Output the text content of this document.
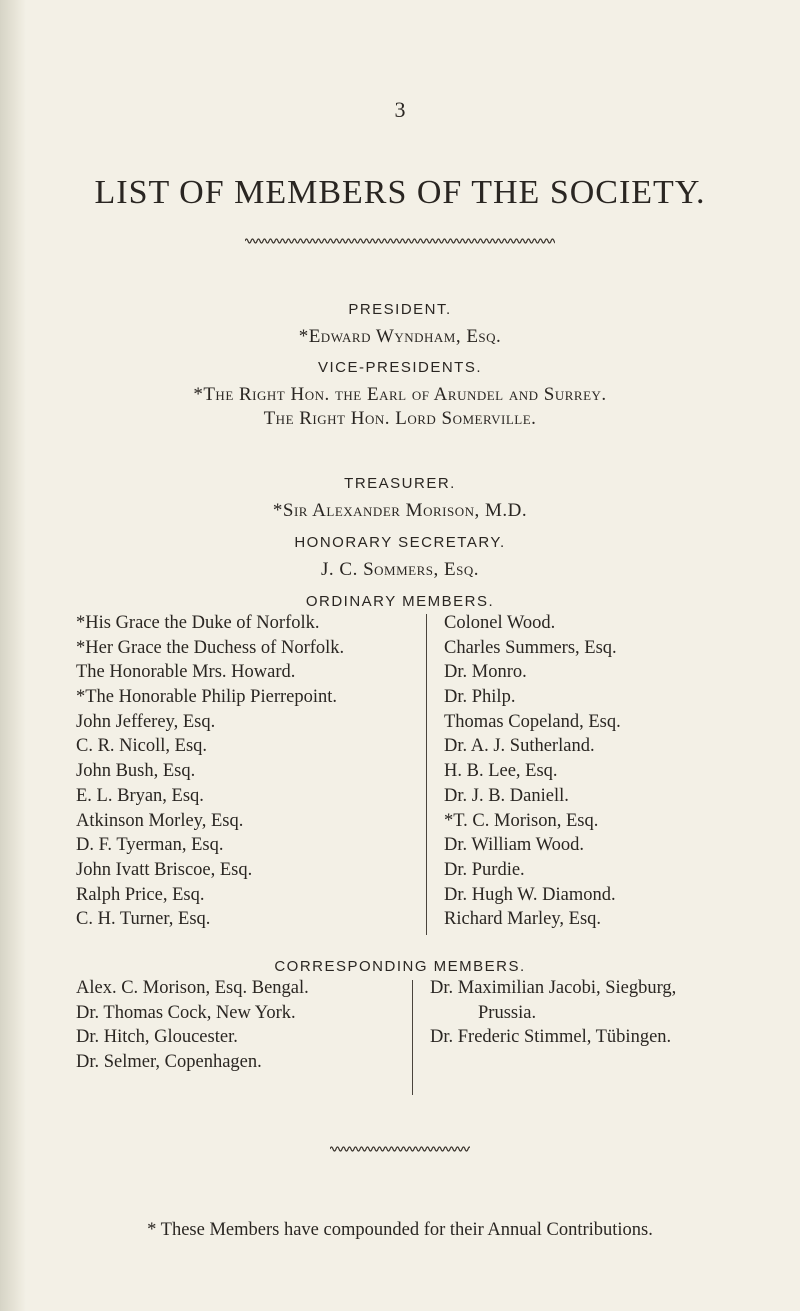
3
LIST OF MEMBERS OF THE SOCIETY.
PRESIDENT.
*Edward Wyndham, Esq.
VICE-PRESIDENTS.
*The Right Hon. the Earl of Arundel and Surrey.
The Right Hon. Lord Somerville.
TREASURER.
*Sir Alexander Morison, M.D.
HONORARY SECRETARY.
J. C. Sommers, Esq.
ORDINARY MEMBERS.
*His Grace the Duke of Norfolk.
*Her Grace the Duchess of Norfolk.
The Honorable Mrs. Howard.
*The Honorable Philip Pierrepoint.
John Jefferey, Esq.
C. R. Nicoll, Esq.
John Bush, Esq.
E. L. Bryan, Esq.
Atkinson Morley, Esq.
D. F. Tyerman, Esq.
John Ivatt Briscoe, Esq.
Ralph Price, Esq.
C. H. Turner, Esq.
Colonel Wood.
Charles Summers, Esq.
Dr. Monro.
Dr. Philp.
Thomas Copeland, Esq.
Dr. A. J. Sutherland.
H. B. Lee, Esq.
Dr. J. B. Daniell.
*T. C. Morison, Esq.
Dr. William Wood.
Dr. Purdie.
Dr. Hugh W. Diamond.
Richard Marley, Esq.
CORRESPONDING MEMBERS.
Alex. C. Morison, Esq. Bengal.
Dr. Thomas Cock, New York.
Dr. Hitch, Gloucester.
Dr. Selmer, Copenhagen.
Dr. Maximilian Jacobi, Siegburg,
Prussia.
Dr. Frederic Stimmel, Tübingen.
* These Members have compounded for their Annual Contributions.
